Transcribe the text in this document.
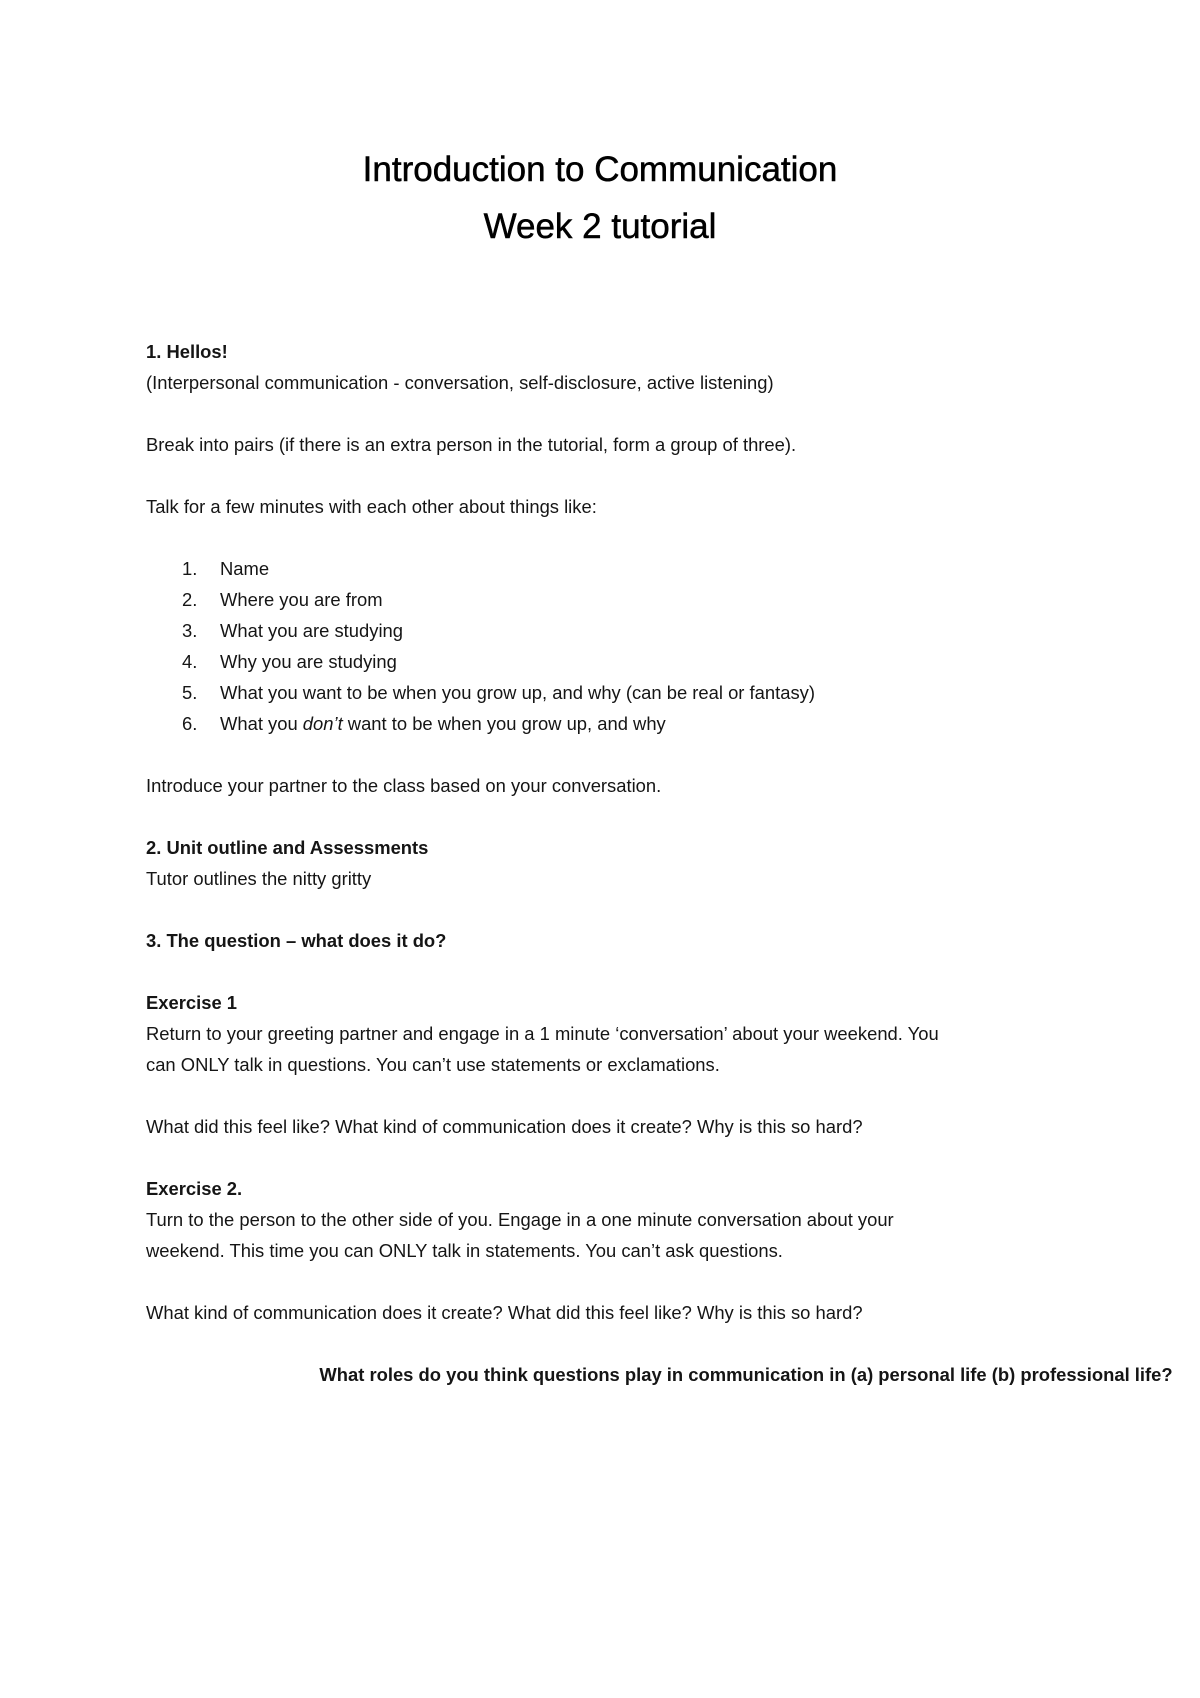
Introduction to Communication
Week 2 tutorial

1. Hellos!

(Interpersonal communication - conversation, self-disclosure, active listening)

Break into pairs (if there is an extra person in the tutorial, form a group of three).

Talk for a few minutes with each other about things like:

1.	Name
2.	Where you are from
3.	What you are studying
4.	Why you are studying
5.	What you want to be when you grow up, and why (can be real or fantasy)
6.	What you don’t want to be when you grow up, and why

Introduce your partner to the class based on your conversation.

2. Unit outline and Assessments

Tutor outlines the nitty gritty

3. The question – what does it do?

Exercise 1

Return to your greeting partner and engage in a 1 minute ‘conversation’ about your weekend. You

can ONLY talk in questions. You can’t use statements or exclamations.

What did this feel like? What kind of communication does it create? Why is this so hard?

Exercise 2.

Turn to the person to the other side of you. Engage in a one minute conversation about your

weekend. This time you can ONLY talk in statements. You can’t ask questions.

What kind of communication does it create? What did this feel like? Why is this so hard?

What roles do you think questions play in communication in (a) personal life (b) professional life?
